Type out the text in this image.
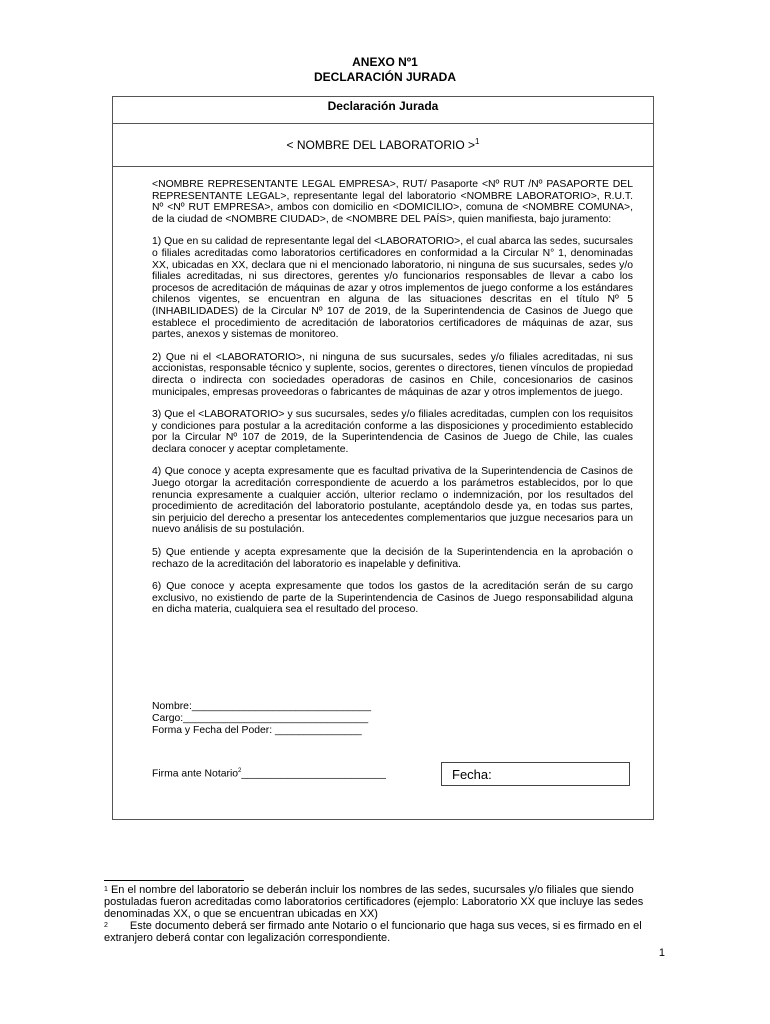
ANEXO Nº1
DECLARACIÓN JURADA
Declaración Jurada
< NOMBRE DEL LABORATORIO >$^1$

<NOMBRE REPRESENTANTE LEGAL EMPRESA>, RUT/ Pasaporte <Nº RUT /Nº PASAPORTE DEL REPRESENTANTE LEGAL>, representante legal del laboratorio <NOMBRE LABORATORIO>, R.U.T. Nº <Nº RUT EMPRESA>, ambos con domicilio en <DOMICILIO>, comuna de <NOMBRE COMUNA>, de la ciudad de <NOMBRE CIUDAD>, de <NOMBRE DEL PAÍS>, quien manifiesta, bajo juramento:

1) Que en su calidad de representante legal del <LABORATORIO>, el cual abarca las sedes, sucursales o filiales acreditadas como laboratorios certificadores en conformidad a la Circular N° 1, denominadas XX, ubicadas en XX, declara que ni el mencionado laboratorio, ni ninguna de sus sucursales, sedes y/o filiales acreditadas, ni sus directores, gerentes y/o funcionarios responsables de llevar a cabo los procesos de acreditación de máquinas de azar y otros implementos de juego conforme a los estándares chilenos vigentes, se encuentran en alguna de las situaciones descritas en el título Nº 5 (INHABILIDADES) de la Circular Nº 107 de 2019, de la Superintendencia de Casinos de Juego que establece el procedimiento de acreditación de laboratorios certificadores de máquinas de azar, sus partes, anexos y sistemas de monitoreo.

2) Que ni el <LABORATORIO>, ni ninguna de sus sucursales, sedes y/o filiales acreditadas, ni sus accionistas, responsable técnico y suplente, socios, gerentes o directores, tienen vínculos de propiedad directa o indirecta con sociedades operadoras de casinos en Chile, concesionarios de casinos municipales, empresas proveedoras o fabricantes de máquinas de azar y otros implementos de juego.

3) Que el <LABORATORIO> y sus sucursales, sedes y/o filiales acreditadas, cumplen con los requisitos y condiciones para postular a la acreditación conforme a las disposiciones y procedimiento establecido por la Circular Nº 107 de 2019, de la Superintendencia de Casinos de Juego de Chile, las cuales declara conocer y aceptar completamente.

4) Que conoce y acepta expresamente que es facultad privativa de la Superintendencia de Casinos de Juego otorgar la acreditación correspondiente de acuerdo a los parámetros establecidos, por lo que renuncia expresamente a cualquier acción, ulterior reclamo o indemnización, por los resultados del procedimiento de acreditación del laboratorio postulante, aceptándolo desde ya, en todas sus partes, sin perjuicio del derecho a presentar los antecedentes complementarios que juzgue necesarios para un nuevo análisis de su postulación.

5) Que entiende y acepta expresamente que la decisión de la Superintendencia en la aprobación o rechazo de la acreditación del laboratorio es inapelable y definitiva.

6) Que conoce y acepta expresamente que todos los gastos de la acreditación serán de su cargo exclusivo, no existiendo de parte de la Superintendencia de Casinos de Juego responsabilidad alguna en dicha materia, cualquiera sea el resultado del proceso.

Nombre:_______________________________
Cargo:________________________________
Forma y Fecha del Poder: _______________
Firma ante Notario$^2$_________________________	Fecha:
$^1$ En el nombre del laboratorio se deberán incluir los nombres de las sedes, sucursales y/o filiales que siendo postuladas fueron acreditadas como laboratorios certificadores (ejemplo: Laboratorio XX que incluye las sedes denominadas XX, o que se encuentran ubicadas en XX)
$^2$ Este documento deberá ser firmado ante Notario o el funcionario que haga sus veces, si es firmado en el extranjero deberá contar con legalización correspondiente.
1
